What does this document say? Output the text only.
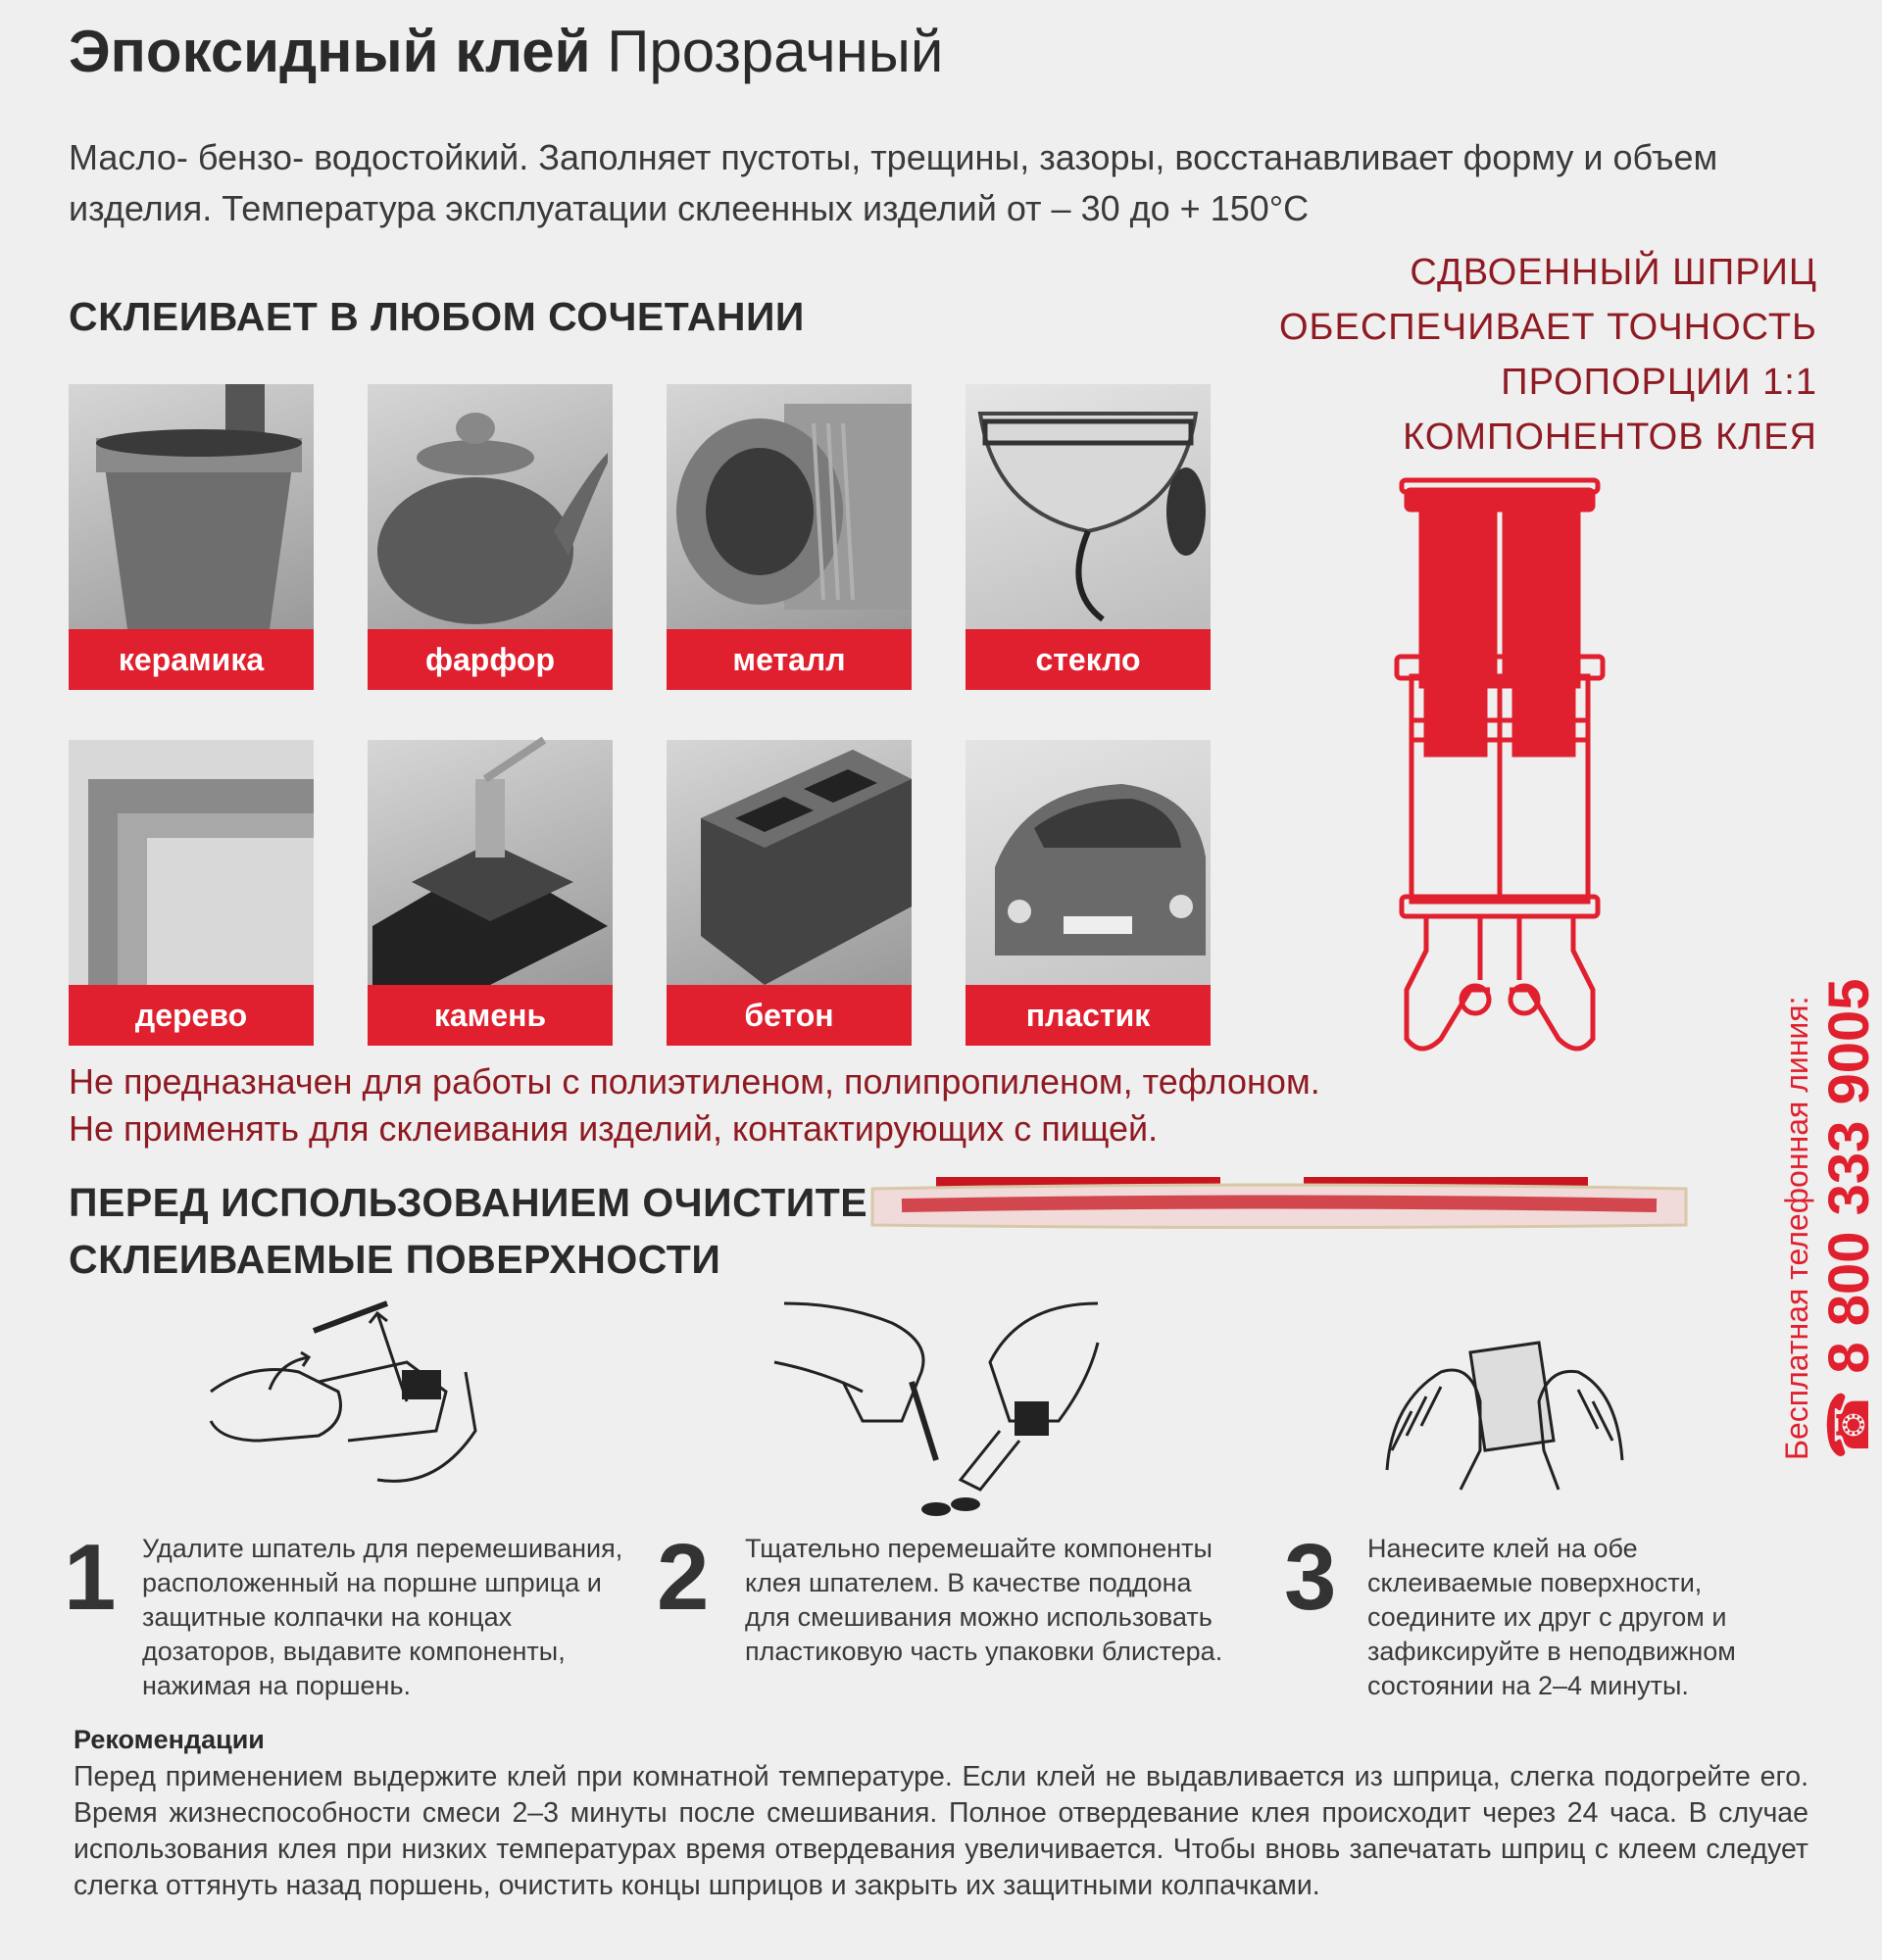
Эпоксидный клей Прозрачный
Масло- бензо- водостойкий. Заполняет пустоты, трещины, зазоры, восстанавливает форму и объем изделия. Температура эксплуатации склеенных изделий от – 30 до + 150°C
СДВОЕННЫЙ ШПРИЦ
ОБЕСПЕЧИВАЕТ ТОЧНОСТЬ
ПРОПОРЦИИ 1:1
КОМПОНЕНТОВ КЛЕЯ
СКЛЕИВАЕТ В ЛЮБОМ СОЧЕТАНИИ
керамика	фарфор	металл	стекло
дерево	камень	бетон	пластик
Не предназначен для работы с полиэтиленом, полипропиленом, тефлоном.
Не применять для склеивания изделий, контактирующих с пищей.
ПЕРЕД ИСПОЛЬЗОВАНИЕМ ОЧИСТИТЕ
СКЛЕИВАЕМЫЕ ПОВЕРХНОСТИ
1 Удалите шпатель для перемешивания, расположенный на поршне шприца и защитные колпачки на концах дозаторов, выдавите компоненты, нажимая на поршень.
2 Тщательно перемешайте компоненты клея шпателем. В качестве поддона для смешивания можно использовать пластиковую часть упаковки блистера.
3 Нанесите клей на обе склеиваемые поверхности, соедините их друг с другом и зафиксируйте в неподвижном состоянии на 2–4 минуты.
Рекомендации
Перед применением выдержите клей при комнатной температуре. Если клей не выдавливается из шприца, слегка подогрейте его. Время жизнеспособности смеси 2–3 минуты после смешивания. Полное отвердевание клея происходит через 24 часа. В случае использования клея при низких температурах время отвердевания увеличивается. Чтобы вновь запечатать шприц с клеем следует слегка оттянуть назад поршень, очистить концы шприцов и закрыть их защитными колпачками.
Бесплатная телефонная линия: ☎ 8 800 333 9005
